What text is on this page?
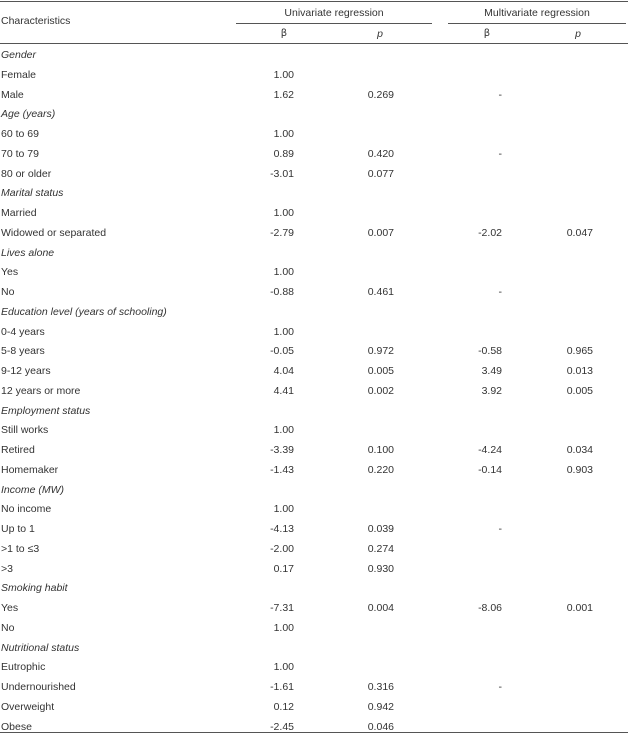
Characteristics
Univariate regression	Multivariate regression
β	p	β	p
Gender
Female	1.00
Male	1.62	0.269	-
Age (years)
60 to 69	1.00
70 to 79	0.89	0.420	-
80 or older	-3.01	0.077
Marital status
Married	1.00
Widowed or separated	-2.79	0.007	-2.02	0.047
Lives alone
Yes	1.00
No	-0.88	0.461	-
Education level (years of schooling)
0-4 years	1.00
5-8 years	-0.05	0.972	-0.58	0.965
9-12 years	4.04	0.005	3.49	0.013
12 years or more	4.41	0.002	3.92	0.005
Employment status
Still works	1.00
Retired	-3.39	0.100	-4.24	0.034
Homemaker	-1.43	0.220	-0.14	0.903
Income (MW)
No income	1.00
Up to 1	-4.13	0.039	-
>1 to ≤3	-2.00	0.274
>3	0.17	0.930
Smoking habit
Yes	-7.31	0.004	-8.06	0.001
No	1.00
Nutritional status
Eutrophic	1.00
Undernourished	-1.61	0.316	-
Overweight	0.12	0.942
Obese	-2.45	0.046
